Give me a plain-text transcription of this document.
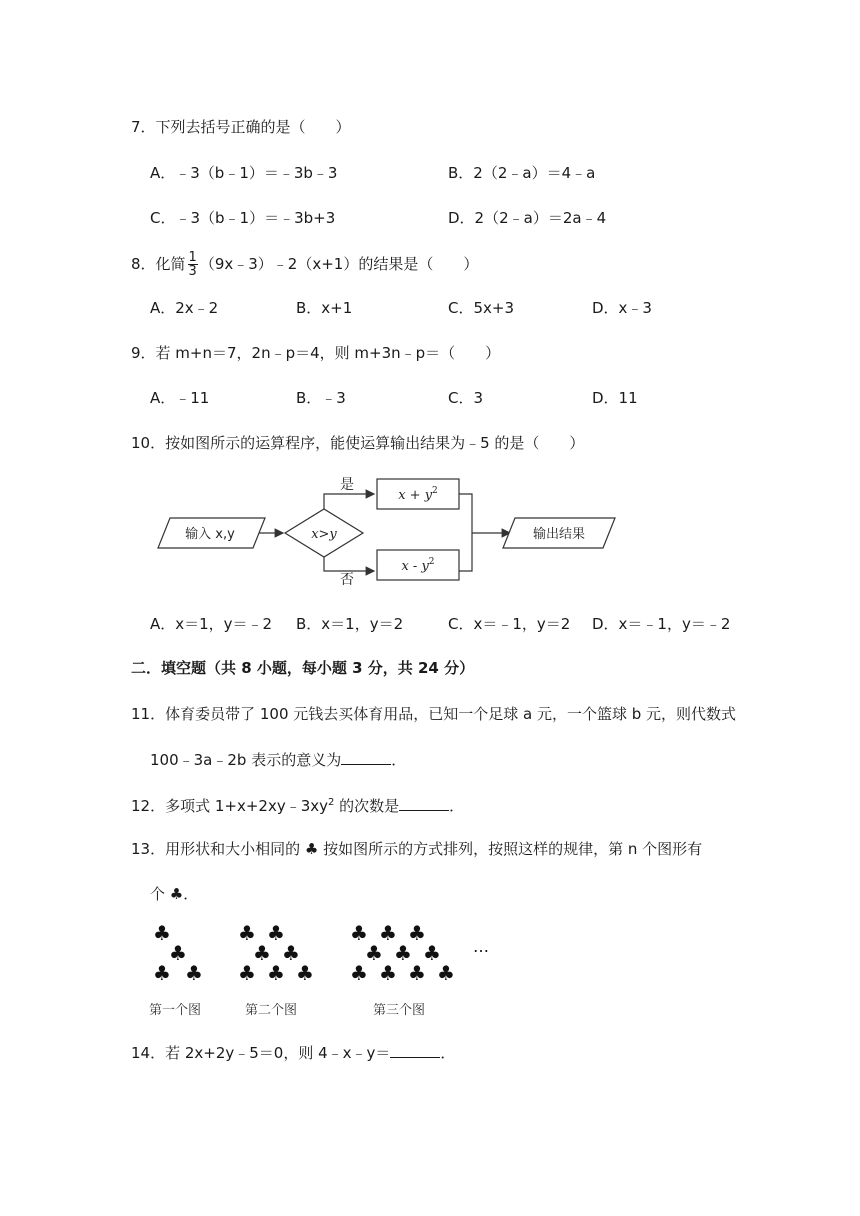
7．下列去括号正确的是（　　）
A．﹣3（b﹣1）＝﹣3b﹣3	B．2（2﹣a）＝4﹣a
C．﹣3（b﹣1）＝﹣3b+3	D．2（2﹣a）＝2a﹣4
8．化简 $\frac{1}{3}$ （9x﹣3）﹣2（x+1）的结果是（　　）
A．2x﹣2	B．x+1	C．5x+3	D．x﹣3
9．若 m+n＝7，2n﹣p＝4，则 m+3n﹣p＝（　　）
A．﹣11	B．﹣3	C．3	D．11
10．按如图所示的运算程序，能使运算输出结果为﹣5 的是（　　）
输入 x,y	x>y
是
$x + y^2$
否
x - $y^2$
输出结果
A．x＝1，y＝﹣2 B．x＝1，y＝2	C．x＝﹣1，y＝2 D．x＝﹣1，y＝﹣2
二．填空题（共 8 小题，每小题 3 分，共 24 分）
11．体育委员带了 100 元钱去买体育用品，已知一个足球 a 元，一个篮球 b 元，则代数式
100﹣3a﹣2b 表示的意义为	．
12．多项式 $1+x+2xy﹣3xy^2$ 的次数是	．
13．用形状和大小相同的 ♣ 按如图所示的方式排列，按照这样的规律，第 n 个图形有
个 ♣．
♣
♣
♣ ♣
♣ ♣
♣ ♣
♣ ♣ ♣
♣ ♣ ♣
♣ ♣ ♣
♣ ♣ ♣ ♣
…
第一个图	第二个图	第三个图
14．若 2x+2y﹣5＝0，则 4﹣x﹣y＝	．
